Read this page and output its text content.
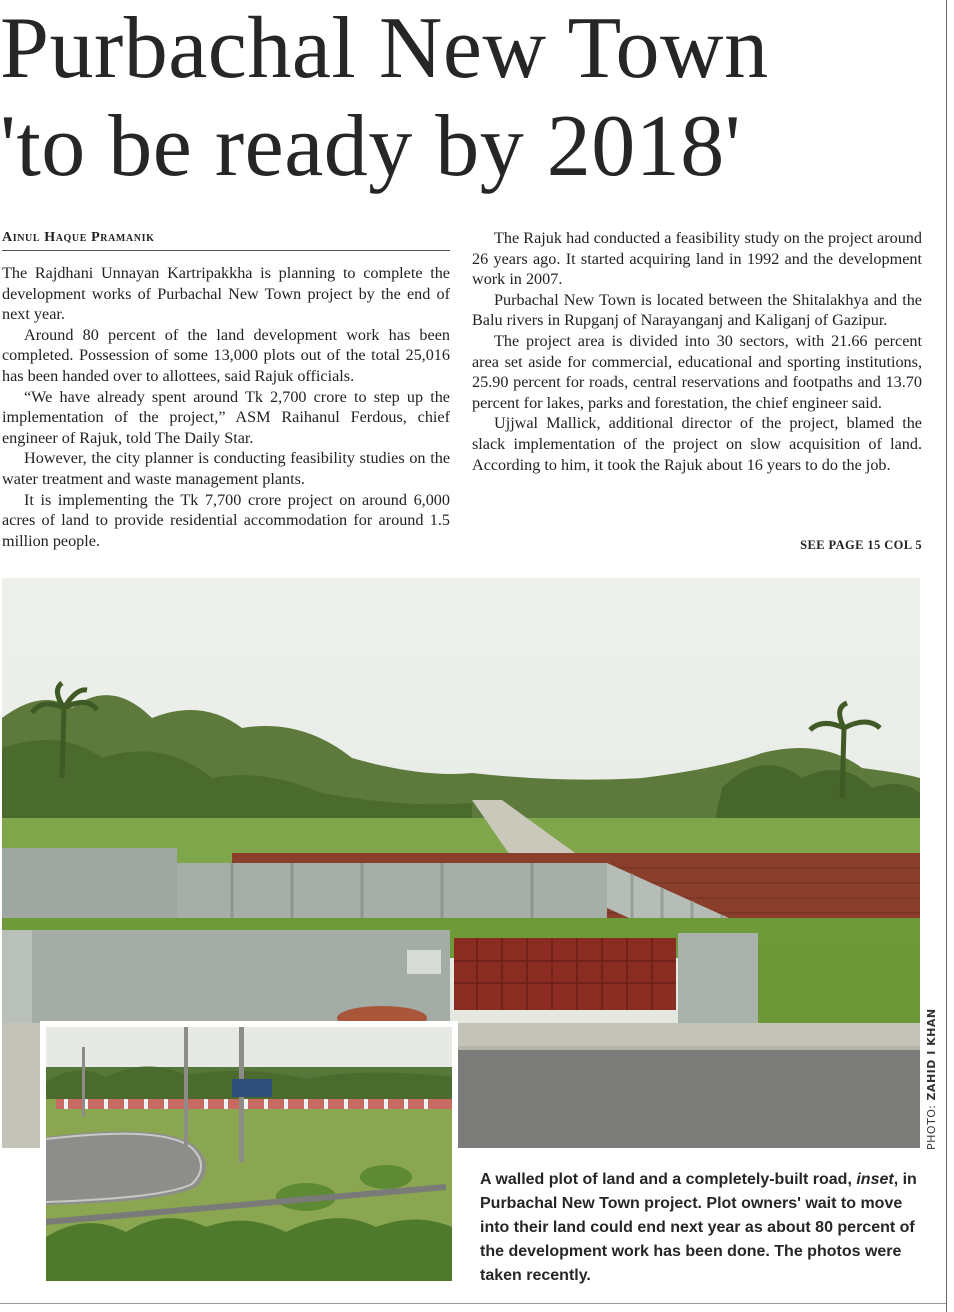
Purbachal New Town
'to be ready by 2018'
Ainul Haque Pramanik

The Rajdhani Unnayan Kartripakkha is planning to complete the development works of Purbachal New Town project by the end of next year.

Around 80 percent of the land development work has been completed. Possession of some 13,000 plots out of the total 25,016 has been handed over to allottees, said Rajuk officials.

“We have already spent around Tk 2,700 crore to step up the implementation of the project,” ASM Raihanul Ferdous, chief engineer of Rajuk, told The Daily Star.

However, the city planner is conducting feasibility studies on the water treatment and waste management plants.

It is implementing the Tk 7,700 crore project on around 6,000 acres of land to provide residential accommodation for around 1.5 million people.

The Rajuk had conducted a feasibility study on the project around 26 years ago. It started acquiring land in 1992 and the development work in 2007.

Purbachal New Town is located between the Shitalakhya and the Balu rivers in Rupganj of Narayanganj and Kaliganj of Gazipur.

The project area is divided into 30 sectors, with 21.66 percent area set aside for commercial, educational and sporting institutions, 25.90 percent for roads, central reservations and footpaths and 13.70 percent for lakes, parks and forestation, the chief engineer said.

Ujjwal Mallick, additional director of the project, blamed the slack implementation of the project on slow acquisition of land. According to him, it took the Rajuk about 16 years to do the job.

SEE PAGE 15 COL 5
PHOTO: ZAHID I KHAN
A walled plot of land and a completely-built road, inset, in Purbachal New Town project. Plot owners' wait to move into their land could end next year as about 80 percent of the development work has been done. The photos were taken recently.
